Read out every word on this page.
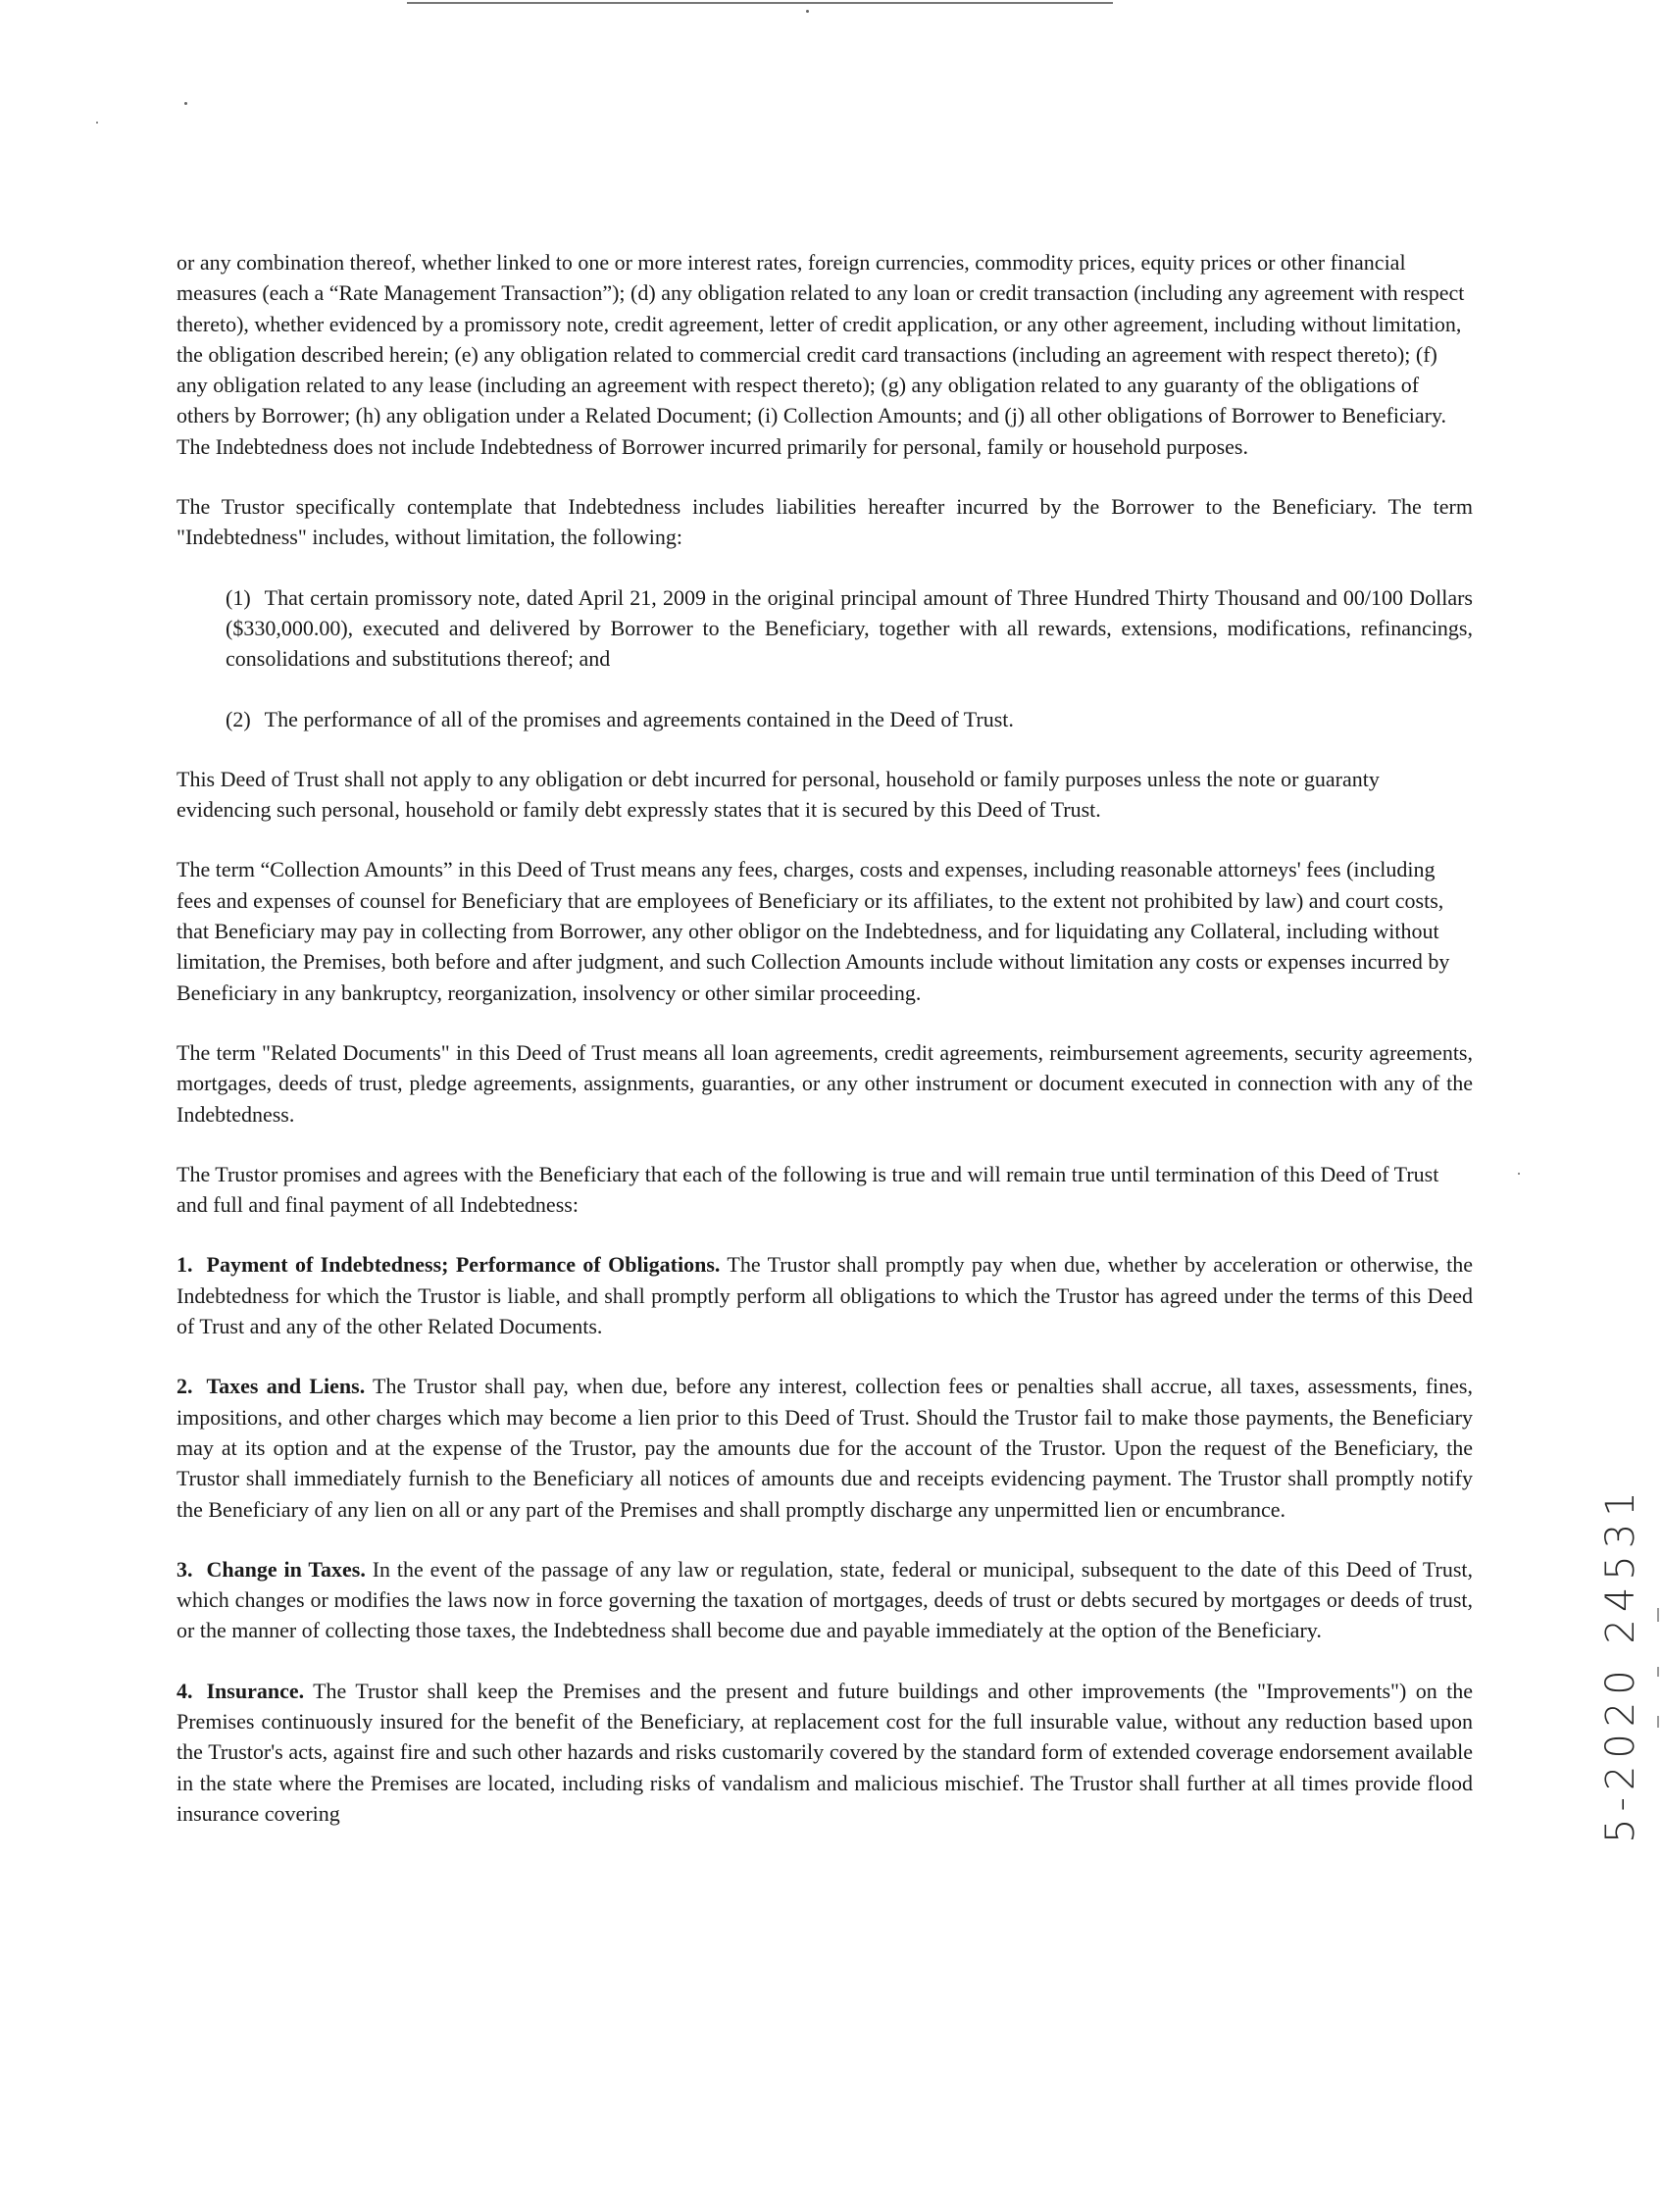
or any combination thereof, whether linked to one or more interest rates, foreign currencies, commodity prices, equity prices or other financial measures (each a “Rate Management Transaction”); (d) any obligation related to any loan or credit transaction (including any agreement with respect thereto), whether evidenced by a promissory note, credit agreement, letter of credit application, or any other agreement, including without limitation, the obligation described herein; (e) any obligation related to commercial credit card transactions (including an agreement with respect thereto); (f) any obligation related to any lease (including an agreement with respect thereto); (g) any obligation related to any guaranty of the obligations of others by Borrower; (h) any obligation under a Related Document; (i) Collection Amounts; and (j) all other obligations of Borrower to Beneficiary. The Indebtedness does not include Indebtedness of Borrower incurred primarily for personal, family or household purposes.

The Trustor specifically contemplate that Indebtedness includes liabilities hereafter incurred by the Borrower to the Beneficiary. The term "Indebtedness" includes, without limitation, the following:

(1) That certain promissory note, dated April 21, 2009 in the original principal amount of Three Hundred Thirty Thousand and 00/100 Dollars ($330,000.00), executed and delivered by Borrower to the Beneficiary, together with all rewards, extensions, modifications, refinancings, consolidations and substitutions thereof; and
(2) The performance of all of the promises and agreements contained in the Deed of Trust.

This Deed of Trust shall not apply to any obligation or debt incurred for personal, household or family purposes unless the note or guaranty evidencing such personal, household or family debt expressly states that it is secured by this Deed of Trust.

The term “Collection Amounts” in this Deed of Trust means any fees, charges, costs and expenses, including reasonable attorneys' fees (including fees and expenses of counsel for Beneficiary that are employees of Beneficiary or its affiliates, to the extent not prohibited by law) and court costs, that Beneficiary may pay in collecting from Borrower, any other obligor on the Indebtedness, and for liquidating any Collateral, including without limitation, the Premises, both before and after judgment, and such Collection Amounts include without limitation any costs or expenses incurred by Beneficiary in any bankruptcy, reorganization, insolvency or other similar proceeding.

The term "Related Documents" in this Deed of Trust means all loan agreements, credit agreements, reimbursement agreements, security agreements, mortgages, deeds of trust, pledge agreements, assignments, guaranties, or any other instrument or document executed in connection with any of the Indebtedness.

The Trustor promises and agrees with the Beneficiary that each of the following is true and will remain true until termination of this Deed of Trust and full and final payment of all Indebtedness:

1. Payment of Indebtedness; Performance of Obligations. The Trustor shall promptly pay when due, whether by acceleration or otherwise, the Indebtedness for which the Trustor is liable, and shall promptly perform all obligations to which the Trustor has agreed under the terms of this Deed of Trust and any of the other Related Documents.

2. Taxes and Liens. The Trustor shall pay, when due, before any interest, collection fees or penalties shall accrue, all taxes, assessments, fines, impositions, and other charges which may become a lien prior to this Deed of Trust. Should the Trustor fail to make those payments, the Beneficiary may at its option and at the expense of the Trustor, pay the amounts due for the account of the Trustor. Upon the request of the Beneficiary, the Trustor shall immediately furnish to the Beneficiary all notices of amounts due and receipts evidencing payment. The Trustor shall promptly notify the Beneficiary of any lien on all or any part of the Premises and shall promptly discharge any unpermitted lien or encumbrance.

3. Change in Taxes. In the event of the passage of any law or regulation, state, federal or municipal, subsequent to the date of this Deed of Trust, which changes or modifies the laws now in force governing the taxation of mortgages, deeds of trust or debts secured by mortgages or deeds of trust, or the manner of collecting those taxes, the Indebtedness shall become due and payable immediately at the option of the Beneficiary.

4. Insurance. The Trustor shall keep the Premises and the present and future buildings and other improvements (the "Improvements") on the Premises continuously insured for the benefit of the Beneficiary, at replacement cost for the full insurable value, without any reduction based upon the Trustor's acts, against fire and such other hazards and risks customarily covered by the standard form of extended coverage endorsement available in the state where the Premises are located, including risks of vandalism and malicious mischief. The Trustor shall further at all times provide flood insurance covering	5-2020 24531
